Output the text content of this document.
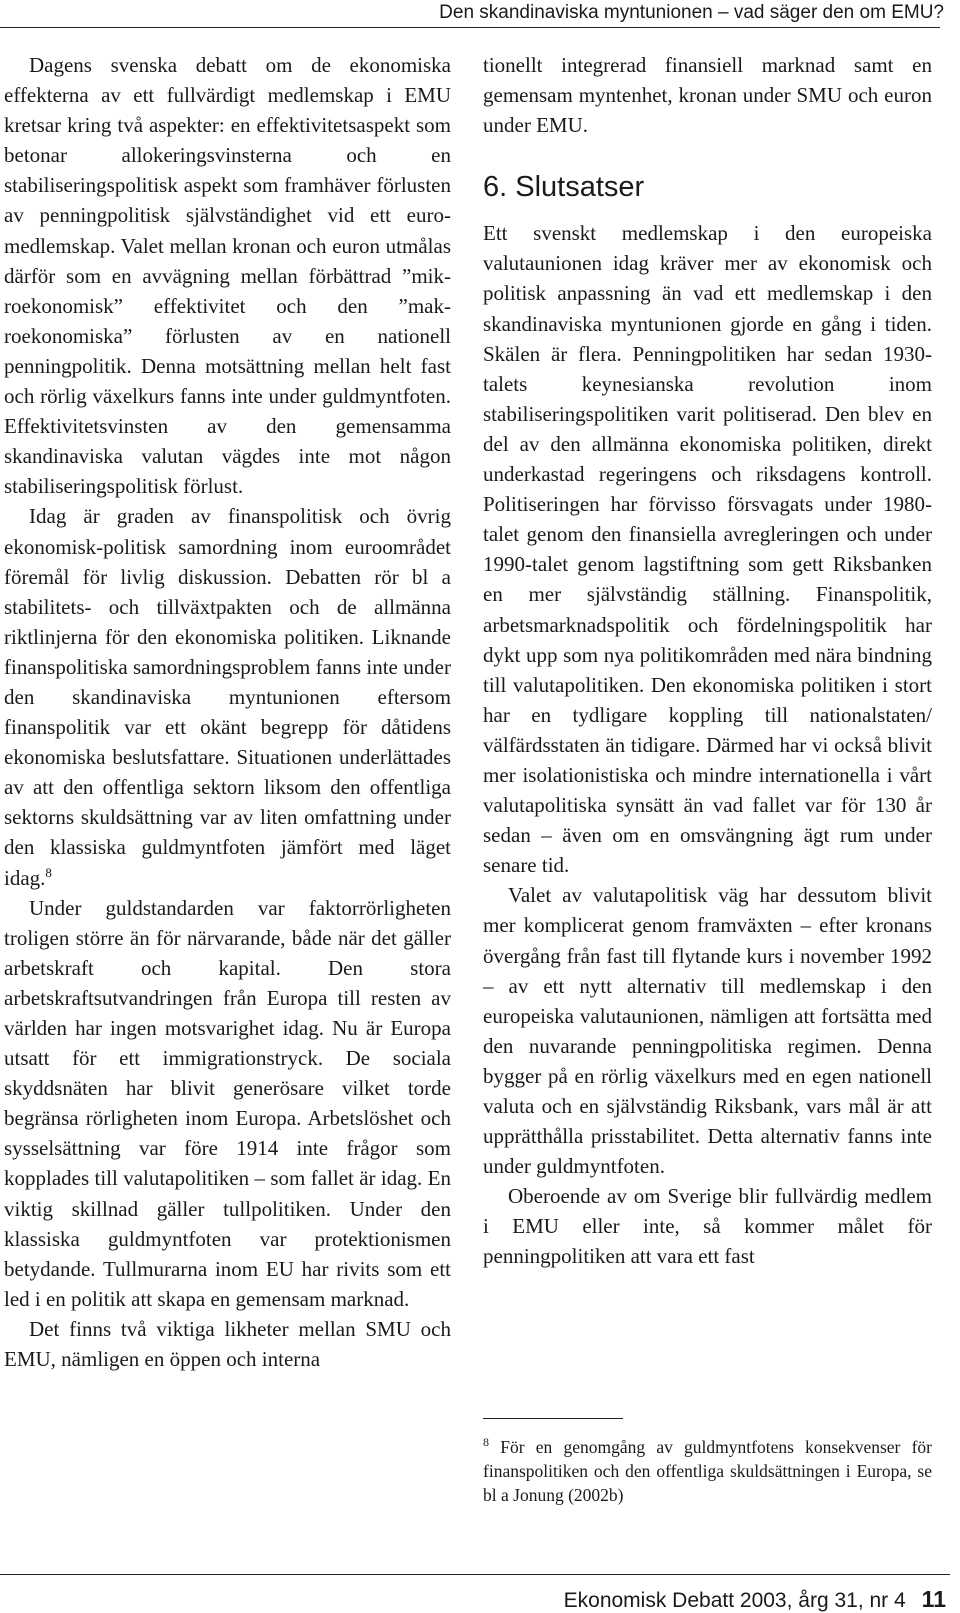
Den skandinaviska myntunionen – vad säger den om EMU?

Dagens svenska debatt om de ekonomiska effekterna av ett fullvärdigt medlemskap i EMU kretsar kring två aspekter: en effektivitetsaspekt som betonar allokeringsvinsterna och en stabiliseringspolitisk aspekt som framhäver förlusten av penningpolitisk självständighet vid ett euro-medlemskap. Valet mellan kronan och euron utmålas därför som en avvägning mellan förbättrad ”mikroekonomisk” effektivitet och den ”makroekonomiska” förlusten av en nationell penningpolitik. Denna motsättning mellan helt fast och rörlig växelkurs fanns inte under guldmyntfoten. Effektivitetsvinsten av den gemensamma skandinaviska valutan vägdes inte mot någon stabiliseringspolitisk förlust.

Idag är graden av finanspolitisk och övrig ekonomisk-politisk samordning inom euroområdet föremål för livlig diskussion. Debatten rör bl a stabilitets- och tillväxtpakten och de allmänna riktlinjerna för den ekonomiska politiken. Liknande finanspolitiska samordningsproblem fanns inte under den skandinaviska myntunionen eftersom finanspolitik var ett okänt begrepp för dåtidens ekonomiska beslutsfattare. Situationen underlättades av att den offentliga sektorn liksom den offentliga sektorns skuldsättning var av liten omfattning under den klassiska guldmyntfoten jämfört med läget idag.$^8$

Under guldstandarden var faktorrörligheten troligen större än för närvarande, både när det gäller arbetskraft och kapital. Den stora arbetskraftsutvandringen från Europa till resten av världen har ingen motsvarighet idag. Nu är Europa utsatt för ett immigrationstryck. De sociala skyddsnäten har blivit generösare vilket torde begränsa rörligheten inom Europa. Arbetslöshet och sysselsättning var före 1914 inte frågor som kopplades till valutapolitiken – som fallet är idag. En viktig skillnad gäller tullpolitiken. Under den klassiska guldmyntfoten var protektionismen betydande. Tullmurarna inom EU har rivits som ett led i en politik att skapa en gemensam marknad.

Det finns två viktiga likheter mellan SMU och EMU, nämligen en öppen och interna

tionellt integrerad finansiell marknad samt en gemensam myntenhet, kronan under SMU och euron under EMU.

6. Slutsatser

Ett svenskt medlemskap i den europeiska valutaunionen idag kräver mer av ekonomisk och politisk anpassning än vad ett medlemskap i den skandinaviska myntunionen gjorde en gång i tiden. Skälen är flera. Penningpolitiken har sedan 1930-talets keynesianska revolution inom stabiliseringspolitiken varit politiserad. Den blev en del av den allmänna ekonomiska politiken, direkt underkastad regeringens och riksdagens kontroll. Politiseringen har förvisso försvagats under 1980-talet genom den finansiella avregleringen och under 1990-talet genom lagstiftning som gett Riksbanken en mer självständig ställning. Finanspolitik, arbetsmarknadspolitik och fördelningspolitik har dykt upp som nya politikområden med nära bindning till valutapolitiken. Den ekonomiska politiken i stort har en tydligare koppling till nationalstaten/ välfärdsstaten än tidigare. Därmed har vi också blivit mer isolationistiska och mindre internationella i vårt valutapolitiska synsätt än vad fallet var för 130 år sedan – även om en omsvängning ägt rum under senare tid.

Valet av valutapolitisk väg har dessutom blivit mer komplicerat genom framväxten – efter kronans övergång från fast till flytande kurs i november 1992 – av ett nytt alternativ till medlemskap i den europeiska valutaunionen, nämligen att fortsätta med den nuvarande penningpolitiska regimen. Denna bygger på en rörlig växelkurs med en egen nationell valuta och en självständig Riksbank, vars mål är att upprätthålla prisstabilitet. Detta alternativ fanns inte under guldmyntfoten.

Oberoende av om Sverige blir fullvärdig medlem i EMU eller inte, så kommer målet för penningpolitiken att vara ett fast

$^8$ För en genomgång av guldmyntfotens konsekvenser för finanspolitiken och den offentliga skuldsättningen i Europa, se bl a Jonung (2002b)
Ekonomisk Debatt 2003, årg 31, nr 4 11
